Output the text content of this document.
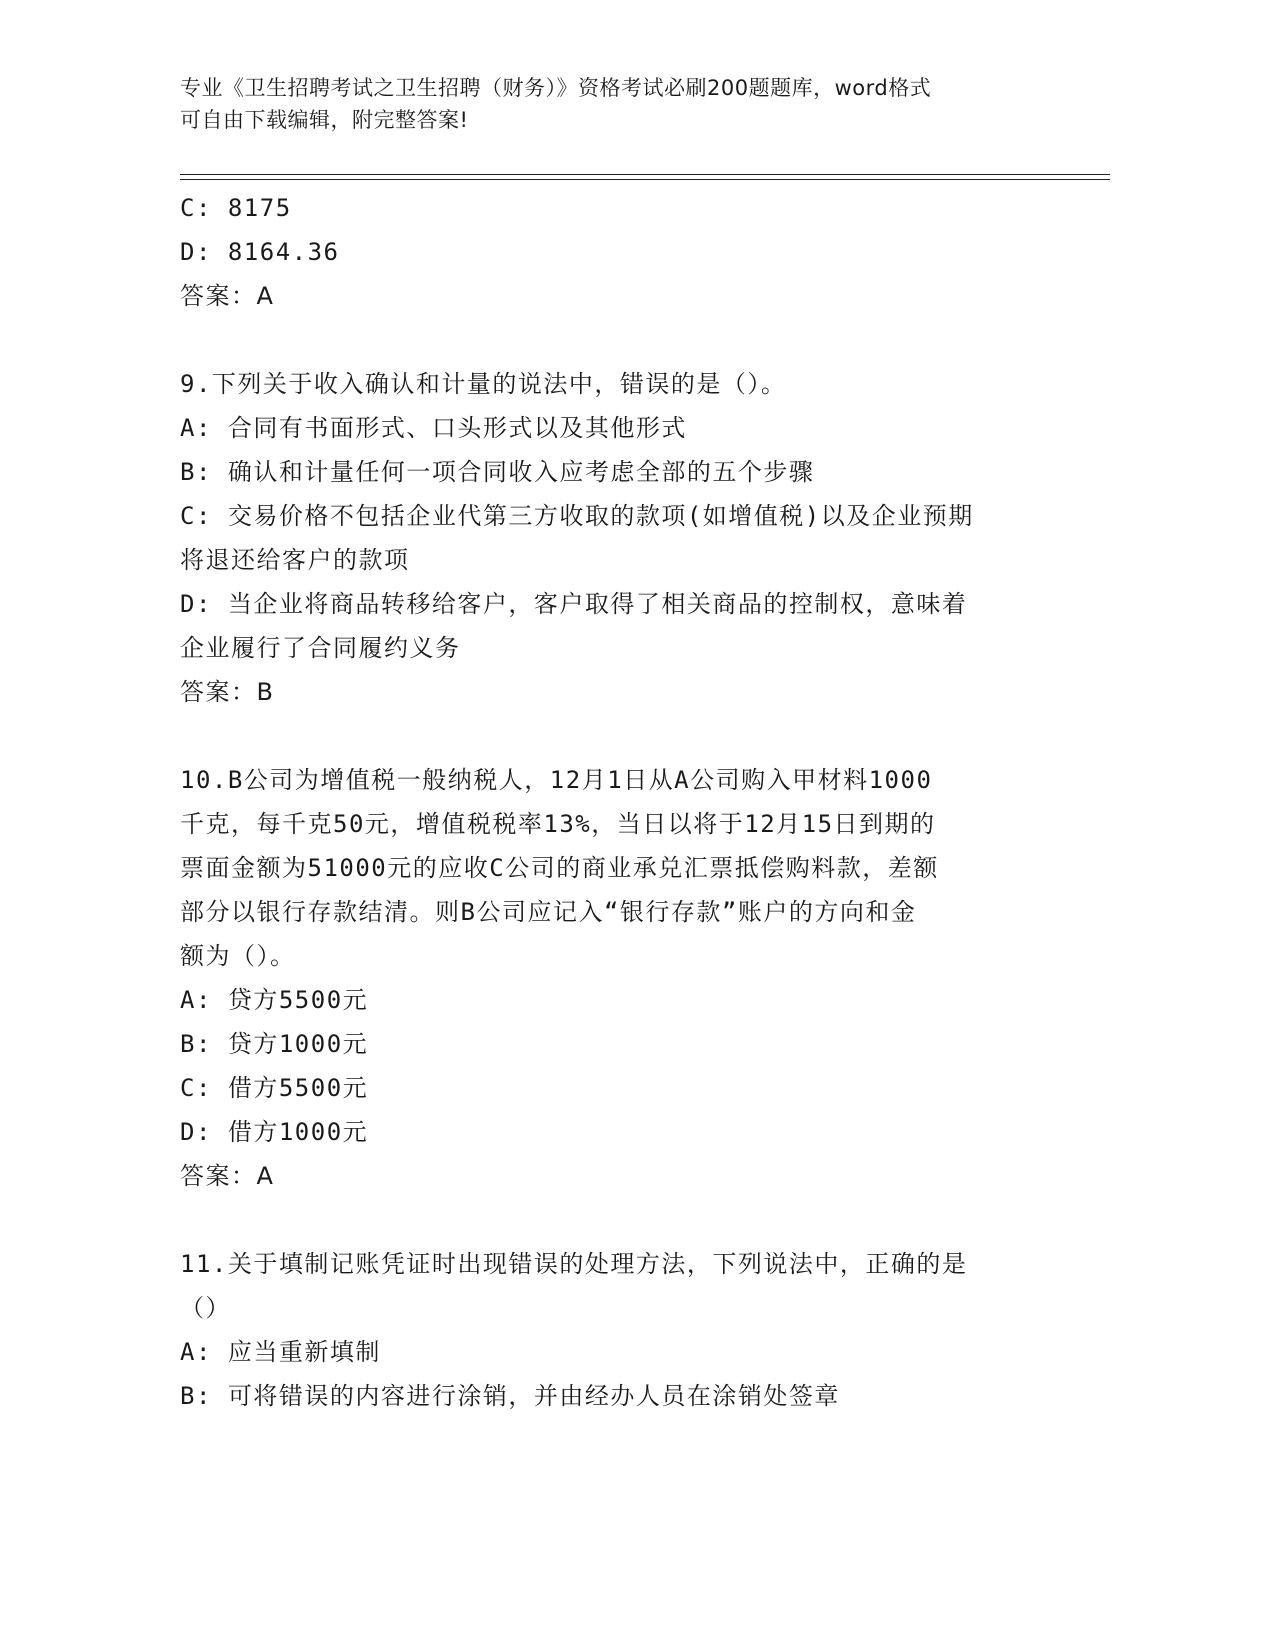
专业《卫生招聘考试之卫生招聘（财务）》资格考试必刷200题题库，word格式
可自由下载编辑，附完整答案!
C: 8175
D: 8164.36
答案：A
9.下列关于收入确认和计量的说法中，错误的是（）。
A: 合同有书面形式、口头形式以及其他形式
B: 确认和计量任何一项合同收入应考虑全部的五个步骤
C: 交易价格不包括企业代第三方收取的款项(如增值税)以及企业预期
将退还给客户的款项
D: 当企业将商品转移给客户，客户取得了相关商品的控制权，意味着
企业履行了合同履约义务
答案：B
10.B公司为增值税一般纳税人，12月1日从A公司购入甲材料1000
千克，每千克50元，增值税税率13%，当日以将于12月15日到期的
票面金额为51000元的应收C公司的商业承兑汇票抵偿购料款，差额
部分以银行存款结清。则B公司应记入“银行存款”账户的方向和金
额为（）。
A: 贷方5500元
B: 贷方1000元
C: 借方5500元
D: 借方1000元
答案：A
11.关于填制记账凭证时出现错误的处理方法，下列说法中，正确的是
（）
A: 应当重新填制
B: 可将错误的内容进行涂销，并由经办人员在涂销处签章
